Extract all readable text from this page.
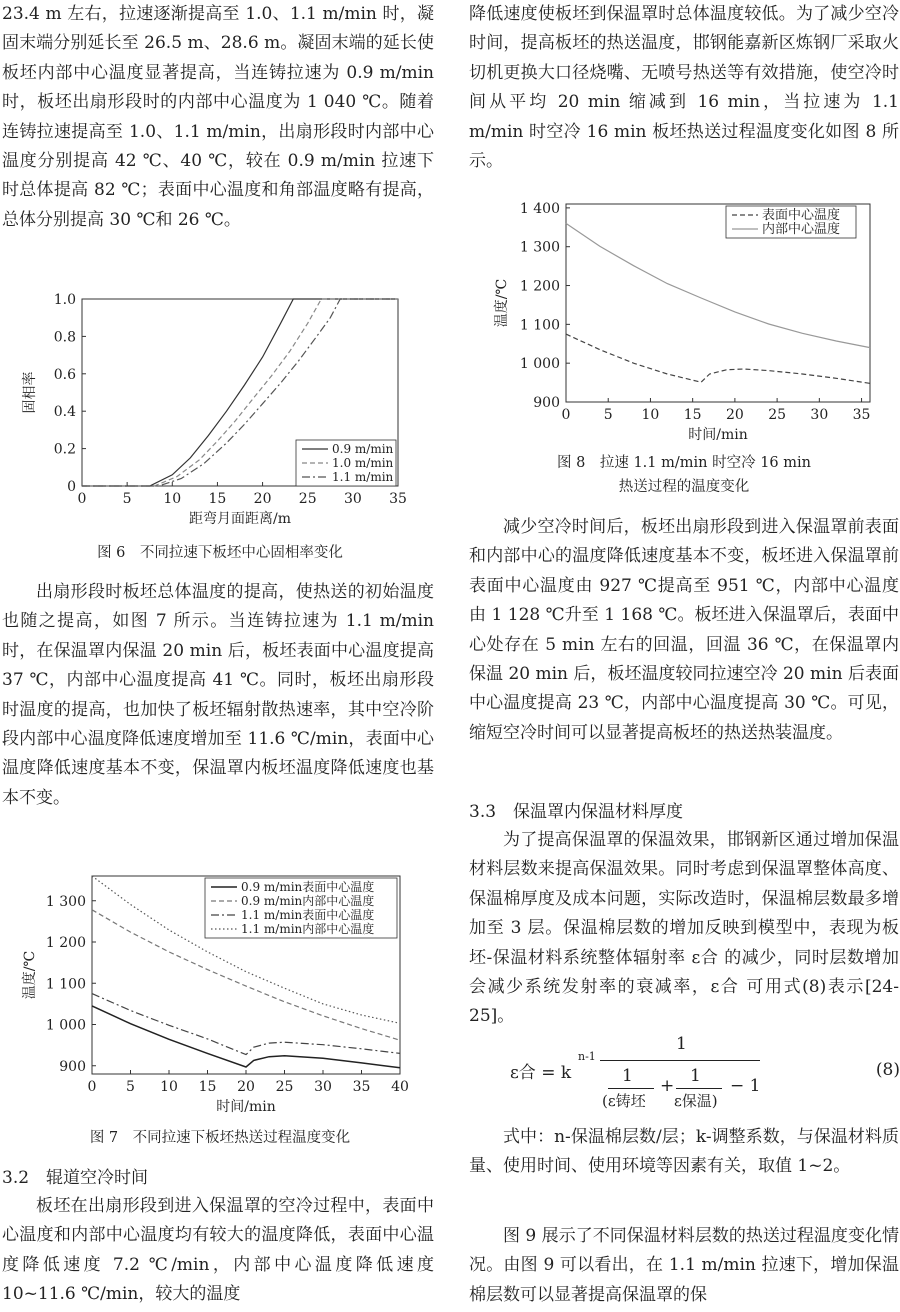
23.4 m 左右，拉速逐渐提高至 1.0、1.1 m/min 时，凝固末端分别延长至 26.5 m、28.6 m。凝固末端的延长使板坯内部中心温度显著提高，当连铸拉速为 0.9 m/min 时，板坯出扇形段时的内部中心温度为 1 040 ℃。随着连铸拉速提高至 1.0、1.1 m/min，出扇形段时内部中心温度分别提高 42 ℃、40 ℃，较在 0.9 m/min 拉速下时总体提高 82 ℃；表面中心温度和角部温度略有提高，总体分别提高 30 ℃和 26 ℃。

0	5 10 15 20 25 30 35
0
0.2
0.4
0.6
0.8
1.0
距弯月面距离/m
固相率
0.9 m/min
1.0 m/min
1.1 m/min
图 6　不同拉速下板坯中心固相率变化

出扇形段时板坯总体温度的提高，使热送的初始温度也随之提高，如图 7 所示。当连铸拉速为 1.1 m/min 时，在保温罩内保温 20 min 后，板坯表面中心温度提高 37 ℃，内部中心温度提高 41 ℃。同时，板坯出扇形段时温度的提高，也加快了板坯辐射散热速率，其中空冷阶段内部中心温度降低速度增加至 11.6 ℃/min，表面中心温度降低速度基本不变，保温罩内板坯温度降低速度也基本不变。

0 5 10 15 20 25 30 35 40
900
1 000
1 100
1 200
1 300
时间/min
温度/℃
0.9 m/min表面中心温度
0.9 m/min内部中心温度
1.1 m/min表面中心温度
1.1 m/min内部中心温度
图 7　不同拉速下板坯热送过程温度变化
3.2　辊道空冷时间

板坯在出扇形段到进入保温罩的空冷过程中，表面中心温度和内部中心温度均有较大的温度降低，表面中心温度降低速度 7.2 ℃/min，内部中心温度降低速度 10~11.6 ℃/min，较大的温度

降低速度使板坯到保温罩时总体温度较低。为了减少空冷时间，提高板坯的热送温度，邯钢能嘉新区炼钢厂采取火切机更换大口径烧嘴、无喷号热送等有效措施，使空冷时间从平均 20 min 缩减到 16 min，当拉速为 1.1 m/min 时空冷 16 min 板坯热送过程温度变化如图 8 所示。

0 5 10 15 20 25 30 35
900
1 000
1 100
1 200
1 300
1 400
时间/min
温度/℃
表面中心温度
内部中心温度
图 8　拉速 1.1 m/min 时空冷 16 min
热送过程的温度变化

减少空冷时间后，板坯出扇形段到进入保温罩前表面和内部中心的温度降低速度基本不变，板坯进入保温罩前表面中心温度由 927 ℃提高至 951 ℃，内部中心温度由 1 128 ℃升至 1 168 ℃。板坯进入保温罩后，表面中心处存在 5 min 左右的回温，回温 36 ℃，在保温罩内保温 20 min 后，板坯温度较同拉速空冷 20 min 后表面中心温度提高 23 ℃，内部中心温度提高 30 ℃。可见，缩短空冷时间可以显著提高板坯的热送热装温度。

3.3　保温罩内保温材料厚度

为了提高保温罩的保温效果，邯钢新区通过增加保温材料层数来提高保温效果。同时考虑到保温罩整体高度、保温棉厚度及成本问题，实际改造时，保温棉层数最多增加至 3 层。保温棉层数的增加反映到模型中，表现为板坯-保温材料系统整体辐射率 ε合 的减少，同时层数增加会减少系统发射率的衰减率，ε合 可用式(8)表示[24-25]。

ε合 = k
n-1
1
1
(ε铸坯
+ 1
ε保温)
− 1
(8)

式中：n-保温棉层数/层；k-调整系数，与保温材料质量、使用时间、使用环境等因素有关，取值 1~2。

图 9 展示了不同保温材料层数的热送过程温度变化情况。由图 9 可以看出，在 1.1 m/min 拉速下，增加保温棉层数可以显著提高保温罩的保
